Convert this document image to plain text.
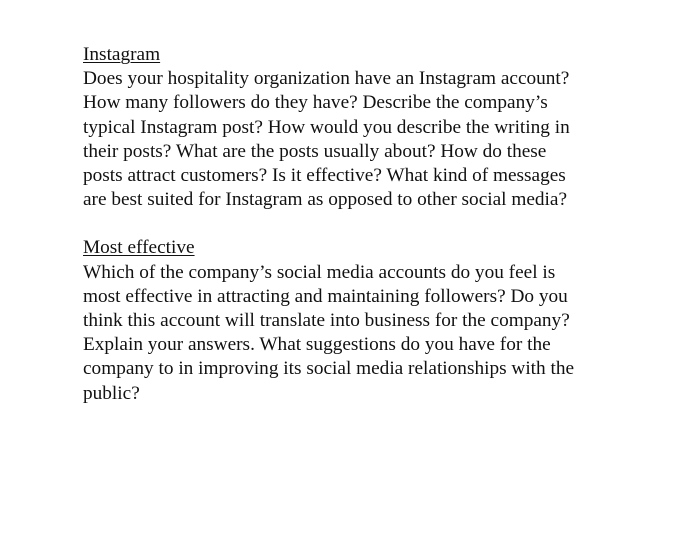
Instagram
Does your hospitality organization have an Instagram account?
How many followers do they have? Describe the company’s
typical Instagram post? How would you describe the writing in
their posts? What are the posts usually about? How do these
posts attract customers? Is it effective? What kind of messages
are best suited for Instagram as opposed to other social media?
Most effective
Which of the company’s social media accounts do you feel is
most effective in attracting and maintaining followers? Do you
think this account will translate into business for the company?
Explain your answers. What suggestions do you have for the
company to in improving its social media relationships with the
public?
